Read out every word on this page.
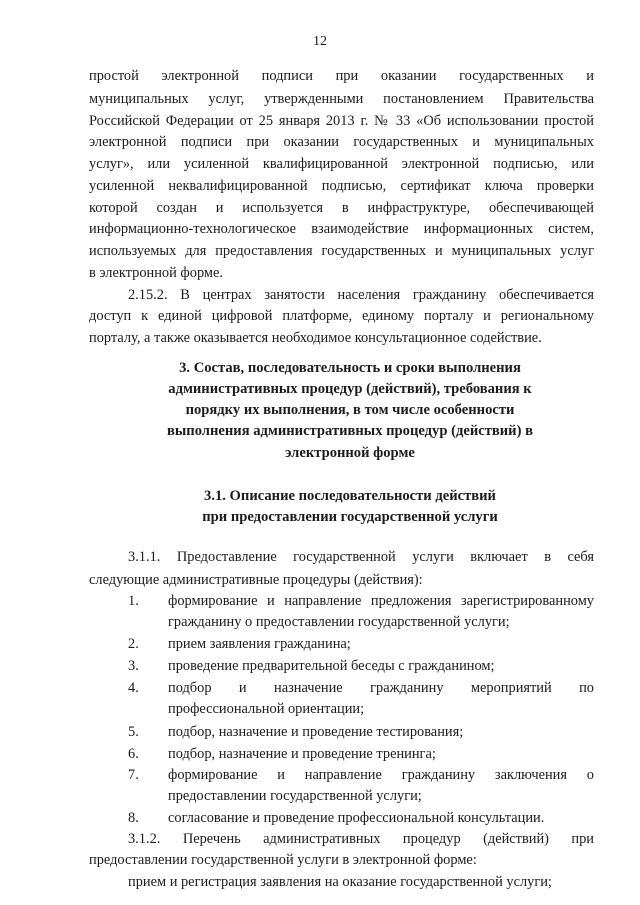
12
простой электронной подписи при оказании государственных и
муниципальных услуг, утвержденными постановлением Правительства
Российской Федерации от 25 января 2013 г. № 33 «Об использовании простой
электронной подписи при оказании государственных и муниципальных
услуг», или усиленной квалифицированной электронной подписью, или
усиленной неквалифицированной подписью, сертификат ключа проверки
которой создан и используется в инфраструктуре, обеспечивающей
информационно-технологическое взаимодействие информационных систем,
используемых для предоставления государственных и муниципальных услуг
в электронной форме.
2.15.2. В центрах занятости населения гражданину обеспечивается
доступ к единой цифровой платформе, единому порталу и региональному
порталу, а также оказывается необходимое консультационное содействие.
3. Состав, последовательность и сроки выполнения
административных процедур (действий), требования к
порядку их выполнения, в том числе особенности
выполнения административных процедур (действий) в
электронной форме
3.1. Описание последовательности действий
при предоставлении государственной услуги
3.1.1. Предоставление государственной услуги включает в себя
следующие административные процедуры (действия):
1.	формирование и направление предложения зарегистрированному
гражданину о предоставлении государственной услуги;
2.	прием заявления гражданина;
3.	проведение предварительной беседы с гражданином;
4.	подбор и назначение гражданину мероприятий по
профессиональной ориентации;
5.	подбор, назначение и проведение тестирования;
6.	подбор, назначение и проведение тренинга;
7.	формирование и направление гражданину заключения о
предоставлении государственной услуги;
8.	согласование и проведение профессиональной консультации.
3.1.2. Перечень административных процедур (действий) при
предоставлении государственной услуги в электронной форме:
прием и регистрация заявления на оказание государственной услуги;
